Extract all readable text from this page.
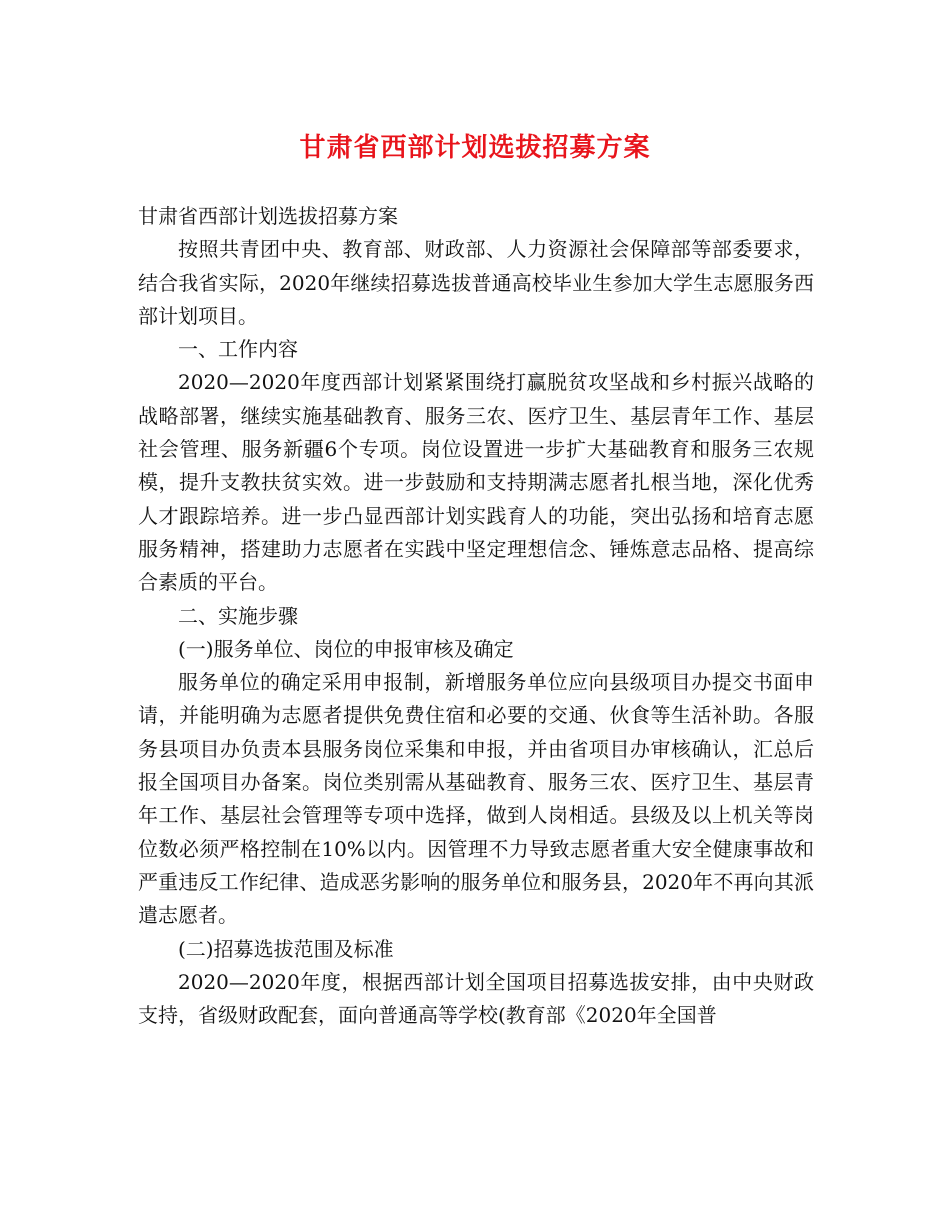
甘肃省西部计划选拔招募方案

甘肃省西部计划选拔招募方案

按照共青团中央、教育部、财政部、人力资源社会保障部等部委要求，结合我省实际，2020年继续招募选拔普通高校毕业生参加大学生志愿服务西部计划项目。

一、工作内容

2020—2020年度西部计划紧紧围绕打赢脱贫攻坚战和乡村振兴战略的战略部署，继续实施基础教育、服务三农、医疗卫生、基层青年工作、基层社会管理、服务新疆6个专项。岗位设置进一步扩大基础教育和服务三农规模，提升支教扶贫实效。进一步鼓励和支持期满志愿者扎根当地，深化优秀人才跟踪培养。进一步凸显西部计划实践育人的功能，突出弘扬和培育志愿服务精神，搭建助力志愿者在实践中坚定理想信念、锤炼意志品格、提高综合素质的平台。

二、实施步骤

(一)服务单位、岗位的申报审核及确定

服务单位的确定采用申报制，新增服务单位应向县级项目办提交书面申请，并能明确为志愿者提供免费住宿和必要的交通、伙食等生活补助。各服务县项目办负责本县服务岗位采集和申报，并由省项目办审核确认，汇总后报全国项目办备案。岗位类别需从基础教育、服务三农、医疗卫生、基层青年工作、基层社会管理等专项中选择，做到人岗相适。县级及以上机关等岗位数必须严格控制在10%以内。因管理不力导致志愿者重大安全健康事故和严重违反工作纪律、造成恶劣影响的服务单位和服务县，2020年不再向其派遣志愿者。

(二)招募选拔范围及标准

2020—2020年度，根据西部计划全国项目招募选拔安排，由中央财政支持，省级财政配套，面向普通高等学校(教育部《2020年全国普
